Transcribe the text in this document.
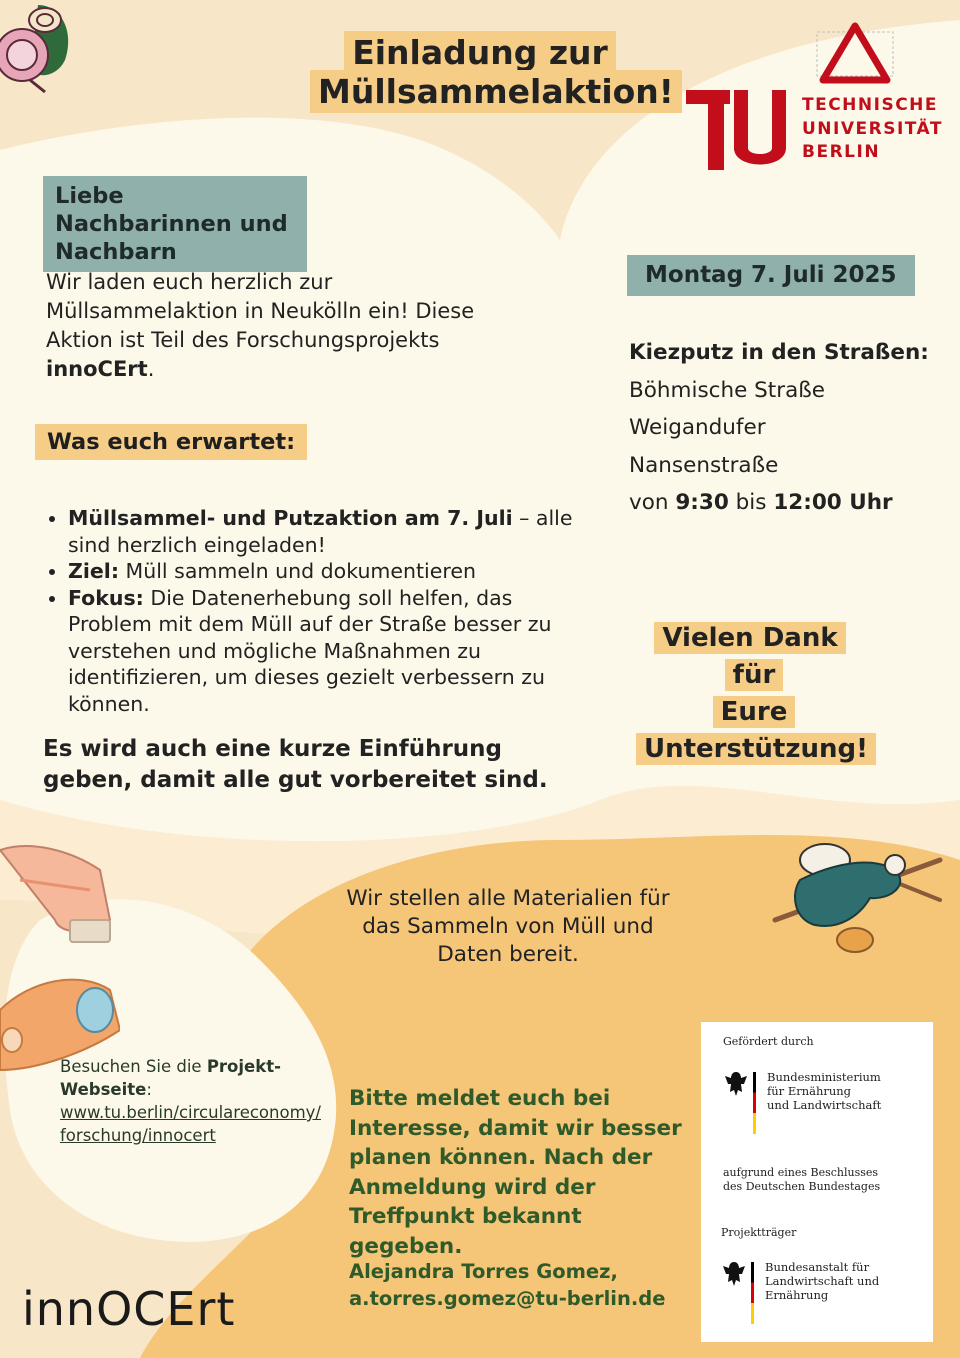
Einladung zur Müllsammelaktion!	TECHNISCHE
UNIVERSITÄT
BERLIN
Liebe Nachbarinnen und Nachbarn
Wir laden euch herzlich zur Müllsammelaktion in Neukölln ein! Diese Aktion ist Teil des Forschungsprojekts innoCErt.
Was euch erwartet:
• Müllsammel- und Putzaktion am 7. Juli – alle sind herzlich eingeladen!
• Ziel: Müll sammeln und dokumentieren
• Fokus: Die Datenerhebung soll helfen, das Problem mit dem Müll auf der Straße besser zu verstehen und mögliche Maßnahmen zu identifizieren, um dieses gezielt verbessern zu können.
Es wird auch eine kurze Einführung geben, damit alle gut vorbereitet sind.
Montag 7. Juli 2025
Kiezputz in den Straßen:
Böhmische Straße
Weigandufer
Nansenstraße
von 9:30 bis 12:00 Uhr
Vielen Dank für
Eure
Unterstützung!
Wir stellen alle Materialien für das Sammeln von Müll und Daten bereit.
Besuchen Sie die Projekt-Webseite:
www.tu.berlin/circulareconomy/ forschung/innocert
Bitte meldet euch bei Interesse, damit wir besser planen können. Nach der Anmeldung wird der Treffpunkt bekannt gegeben.
Alejandra Torres Gomez,
a.torres.gomez@tu-berlin.de
innOCErt
Gefördert durch
Bundesministerium
für Ernährung
und Landwirtschaft
aufgrund eines Beschlusses
des Deutschen Bundestages
Projektträger
Bundesanstalt für
Landwirtschaft und Ernährung
